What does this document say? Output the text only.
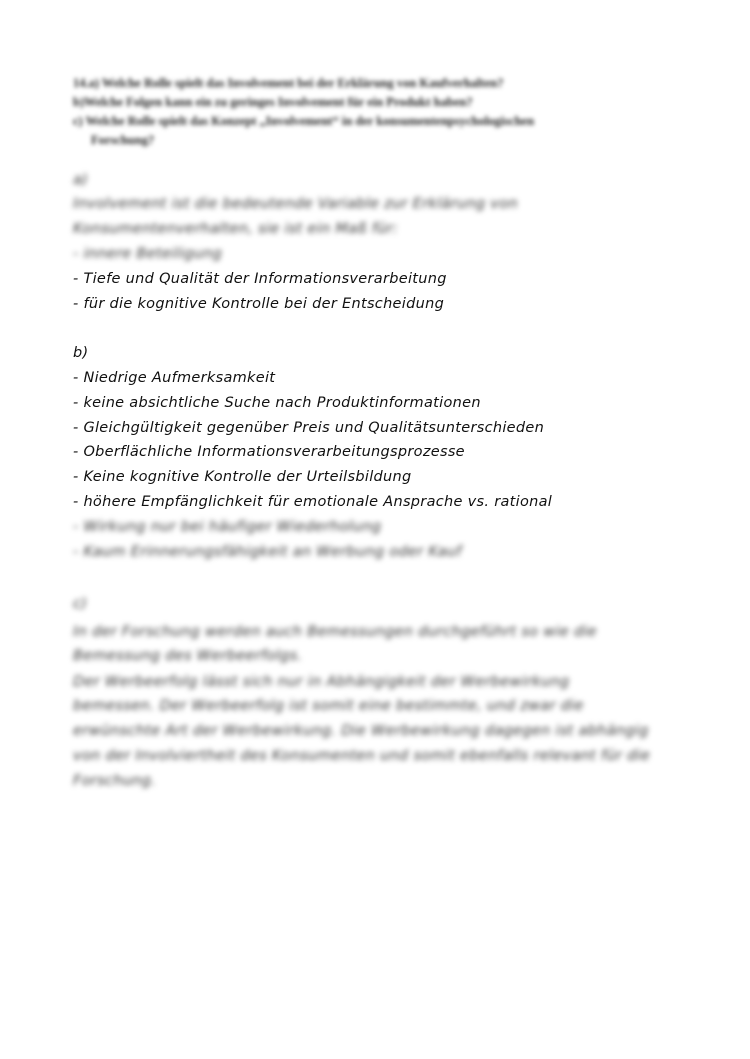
14.a) Welche Rolle spielt das Involvement bei der Erklärung von Kaufverhalten?
b)Welche Folgen kann ein zu geringes Involvement für ein Produkt haben?
c) Welche Rolle spielt das Konzept „Involvement“ in der konsumentenpsychologischen
Forschung?
a)
Involvement ist die bedeutende Variable zur Erklärung von
Konsumentenverhalten, sie ist ein Maß für:
- innere Beteiligung
- Tiefe und Qualität der Informationsverarbeitung
- für die kognitive Kontrolle bei der Entscheidung
b)
- Niedrige Aufmerksamkeit
- keine absichtliche Suche nach Produktinformationen
- Gleichgültigkeit gegenüber Preis und Qualitätsunterschieden
- Oberflächliche Informationsverarbeitungsprozesse
- Keine kognitive Kontrolle der Urteilsbildung
- höhere Empfänglichkeit für emotionale Ansprache vs. rational
- Wirkung nur bei häufiger Wiederholung
- Kaum Erinnerungsfähigkeit an Werbung oder Kauf
c)
In der Forschung werden auch Bemessungen durchgeführt so wie die
Bemessung des Werbeerfolgs.
Der Werbeerfolg lässt sich nur in Abhängigkeit der Werbewirkung
bemessen. Der Werbeerfolg ist somit eine bestimmte, und zwar die
erwünschte Art der Werbewirkung. Die Werbewirkung dagegen ist abhängig
von der Involviertheit des Konsumenten und somit ebenfalls relevant für die
Forschung.
